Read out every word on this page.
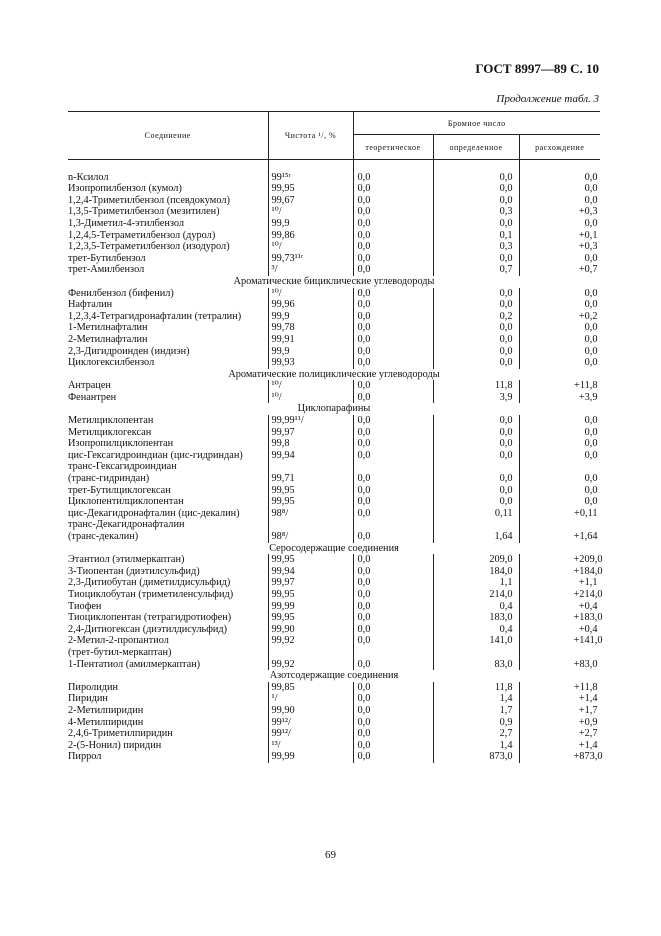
ГОСТ 8997—89 С. 10
Продолжение табл. 3
Соединение	Чистота ¹/, %	Бромное число		
		теоретическое	определенное	расхождение

n-Ксилол	99¹⁵ʳ	0,0	0,0	0,0
Изопропилбензол (кумол)	99,95	0,0	0,0	0,0
1,2,4-Триметилбензол (псевдокумол)	99,67	0,0	0,0	0,0
1,3,5-Триметилбензол (мезитилен)	¹⁰/	0,0	0,3	+0,3
1,3-Диметил-4-этилбензол	99,9	0,0	0,0	0,0
1,2,4,5-Тетраметилбензол (дурол)	99,86	0,0	0,1	+0,1
1,2,3,5-Тетраметилбензол (изодурол)	¹⁰/	0,0	0,3	+0,3
трет-Бутилбензол	99,73¹¹ʳ	0,0	0,0	0,0
трет-Амилбензол	³/	0,0	0,7	+0,7
Ароматические бициклические углеводороды				
Фенилбензол (бифенил)	¹⁰/	0,0	0,0	0,0
Нафталин	99,96	0,0	0,0	0,0
1,2,3,4-Тетрагидронафталин (тетралин)	99,9	0,0	0,2	+0,2
1-Метилнафталин	99,78	0,0	0,0	0,0
2-Метилнафталин	99,91	0,0	0,0	0,0
2,3-Дигидроинден (индиэн)	99,9	0,0	0,0	0,0
Циклогексилбензол	99,93	0,0	0,0	0,0
Ароматические полициклические углеводороды				
Антрацен	¹⁰/	0,0	11,8	+11,8
Фенантрен	¹⁰/	0,0	3,9	+3,9
Циклопарафины				
Метилциклопентан	99,99¹¹/	0,0	0,0	0,0
Метилциклогексан	99,97	0,0	0,0	0,0
Изопропилциклопентан	99,8	0,0	0,0	0,0
цис-Гексагидроиндиан (цис-гидриндан)	99,94	0,0	0,0	0,0
транс-Гексагидроиндиан				
(транс-гидриндан)	99,71	0,0	0,0	0,0
трет-Бутилциклогексан	99,95	0,0	0,0	0,0
Циклопентилциклопентан	99,95	0,0	0,0	0,0
цис-Декагидронафталин (цис-декалин)	98⁸/	0,0	0,11	+0,11
транс-Декагидронафталин				
(транс-декалин)	98⁸/	0,0	1,64	+1,64
Серосодержащие соединения				
Этантиол (этилмеркаптан)	99,95	0,0	209,0	+209,0
3-Тиопентан (диэтилсульфид)	99,94	0,0	184,0	+184,0
2,3-Дитиобутан (диметилдисульфид)	99,97	0,0	1,1	+1,1
Тиоциклобутан (триметиленсульфид)	99,95	0,0	214,0	+214,0
Тиофен	99,99	0,0	0,4	+0,4
Тиоциклопентан (тетрагидротиофен)	99,95	0,0	183,0	+183,0
2,4-Дитиогексан (диэтилдисульфид)	99,90	0,0	0,4	+0,4
2-Метил-2-пропантиол	99,92	0,0	141,0	+141,0
(трет-бутил-меркаптан)				
1-Пентатиол (амилмеркаптан)	99,92	0,0	83,0	+83,0
Азотсодержащие соединения				
Пиролидин	99,85	0,0	11,8	+11,8
Пиридин	¹/	0,0	1,4	+1,4
2-Метилпиридин	99,90	0,0	1,7	+1,7
4-Метилпиридин	99¹²/	0,0	0,9	+0,9
2,4,6-Триметилпиридин	99¹²/	0,0	2,7	+2,7
2-(5-Нонил) пиридин	¹³/	0,0	1,4	+1,4
Пиррол	99,99	0,0	873,0	+873,0
69
